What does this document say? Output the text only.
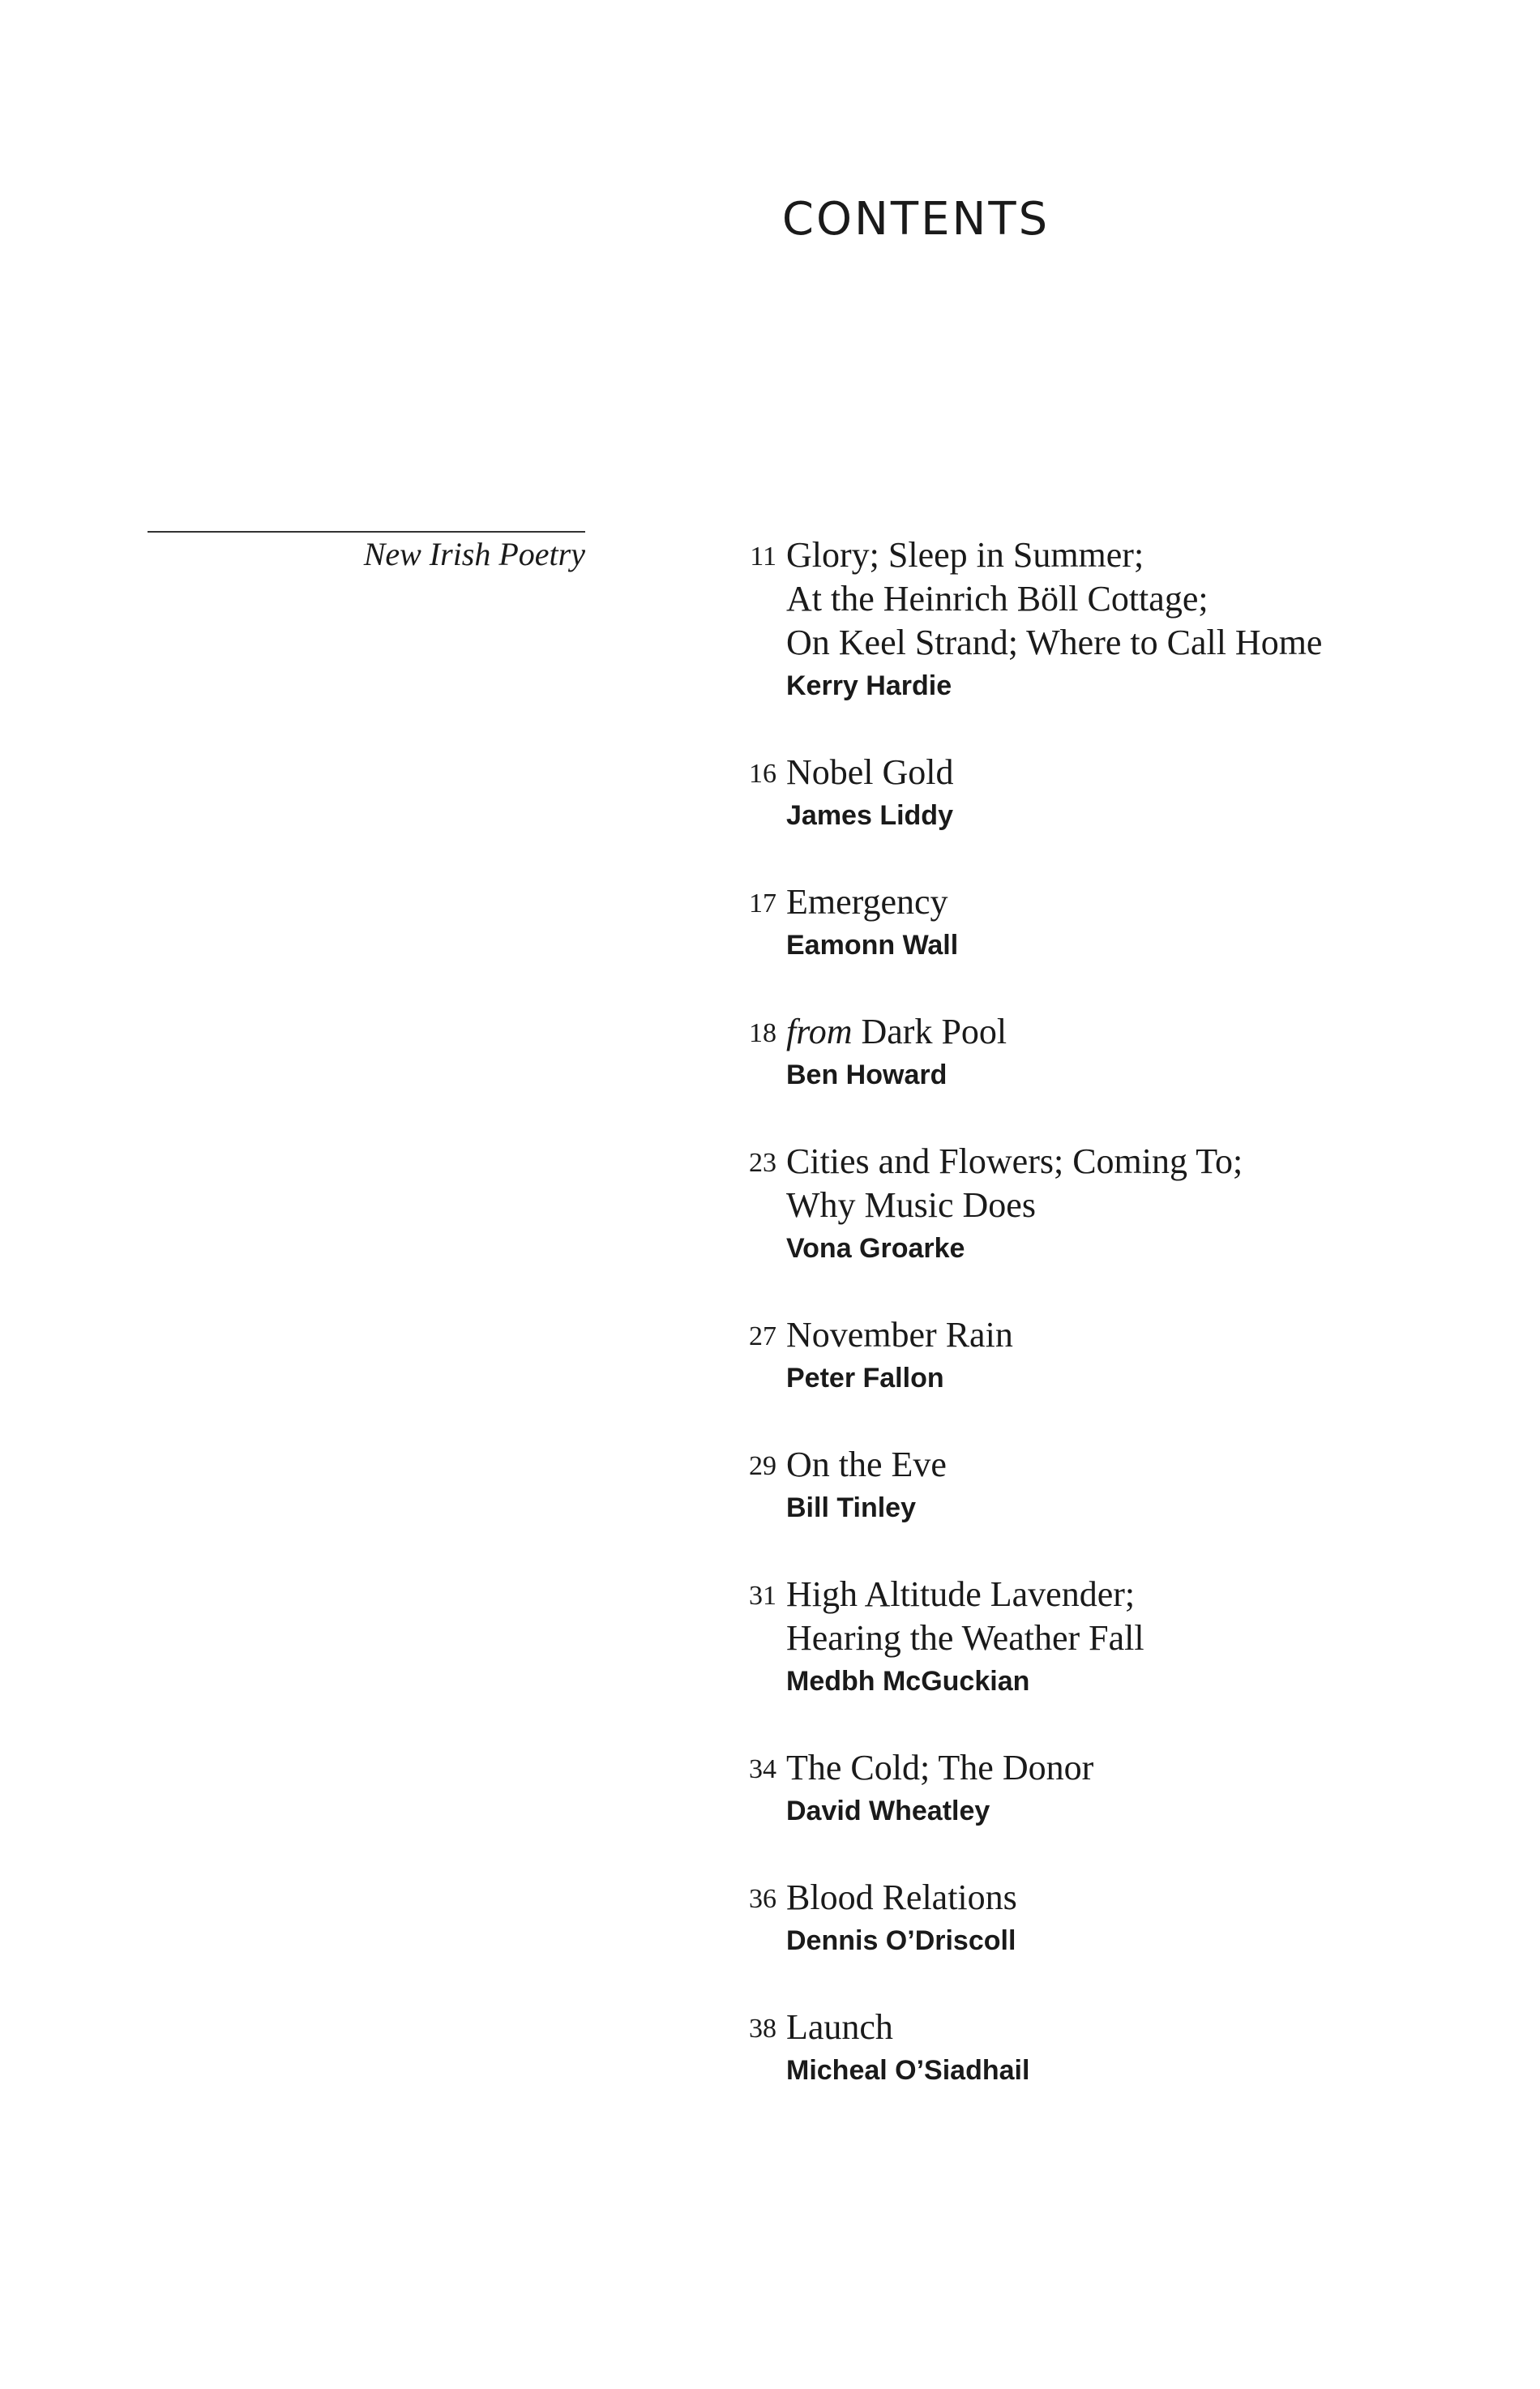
CONTENTS
New Irish Poetry	11 Glory; Sleep in Summer;
At the Heinrich Böll Cottage;
On Keel Strand; Where to Call Home
Kerry Hardie
16 Nobel Gold
James Liddy
17 Emergency
Eamonn Wall
18 from Dark Pool
Ben Howard
23 Cities and Flowers; Coming To;
Why Music Does
Vona Groarke
27 November Rain
Peter Fallon
29 On the Eve
Bill Tinley
31 High Altitude Lavender;
Hearing the Weather Fall
Medbh McGuckian
34 The Cold; The Donor
David Wheatley
36 Blood Relations
Dennis O’Driscoll
38 Launch
Micheal O’Siadhail
